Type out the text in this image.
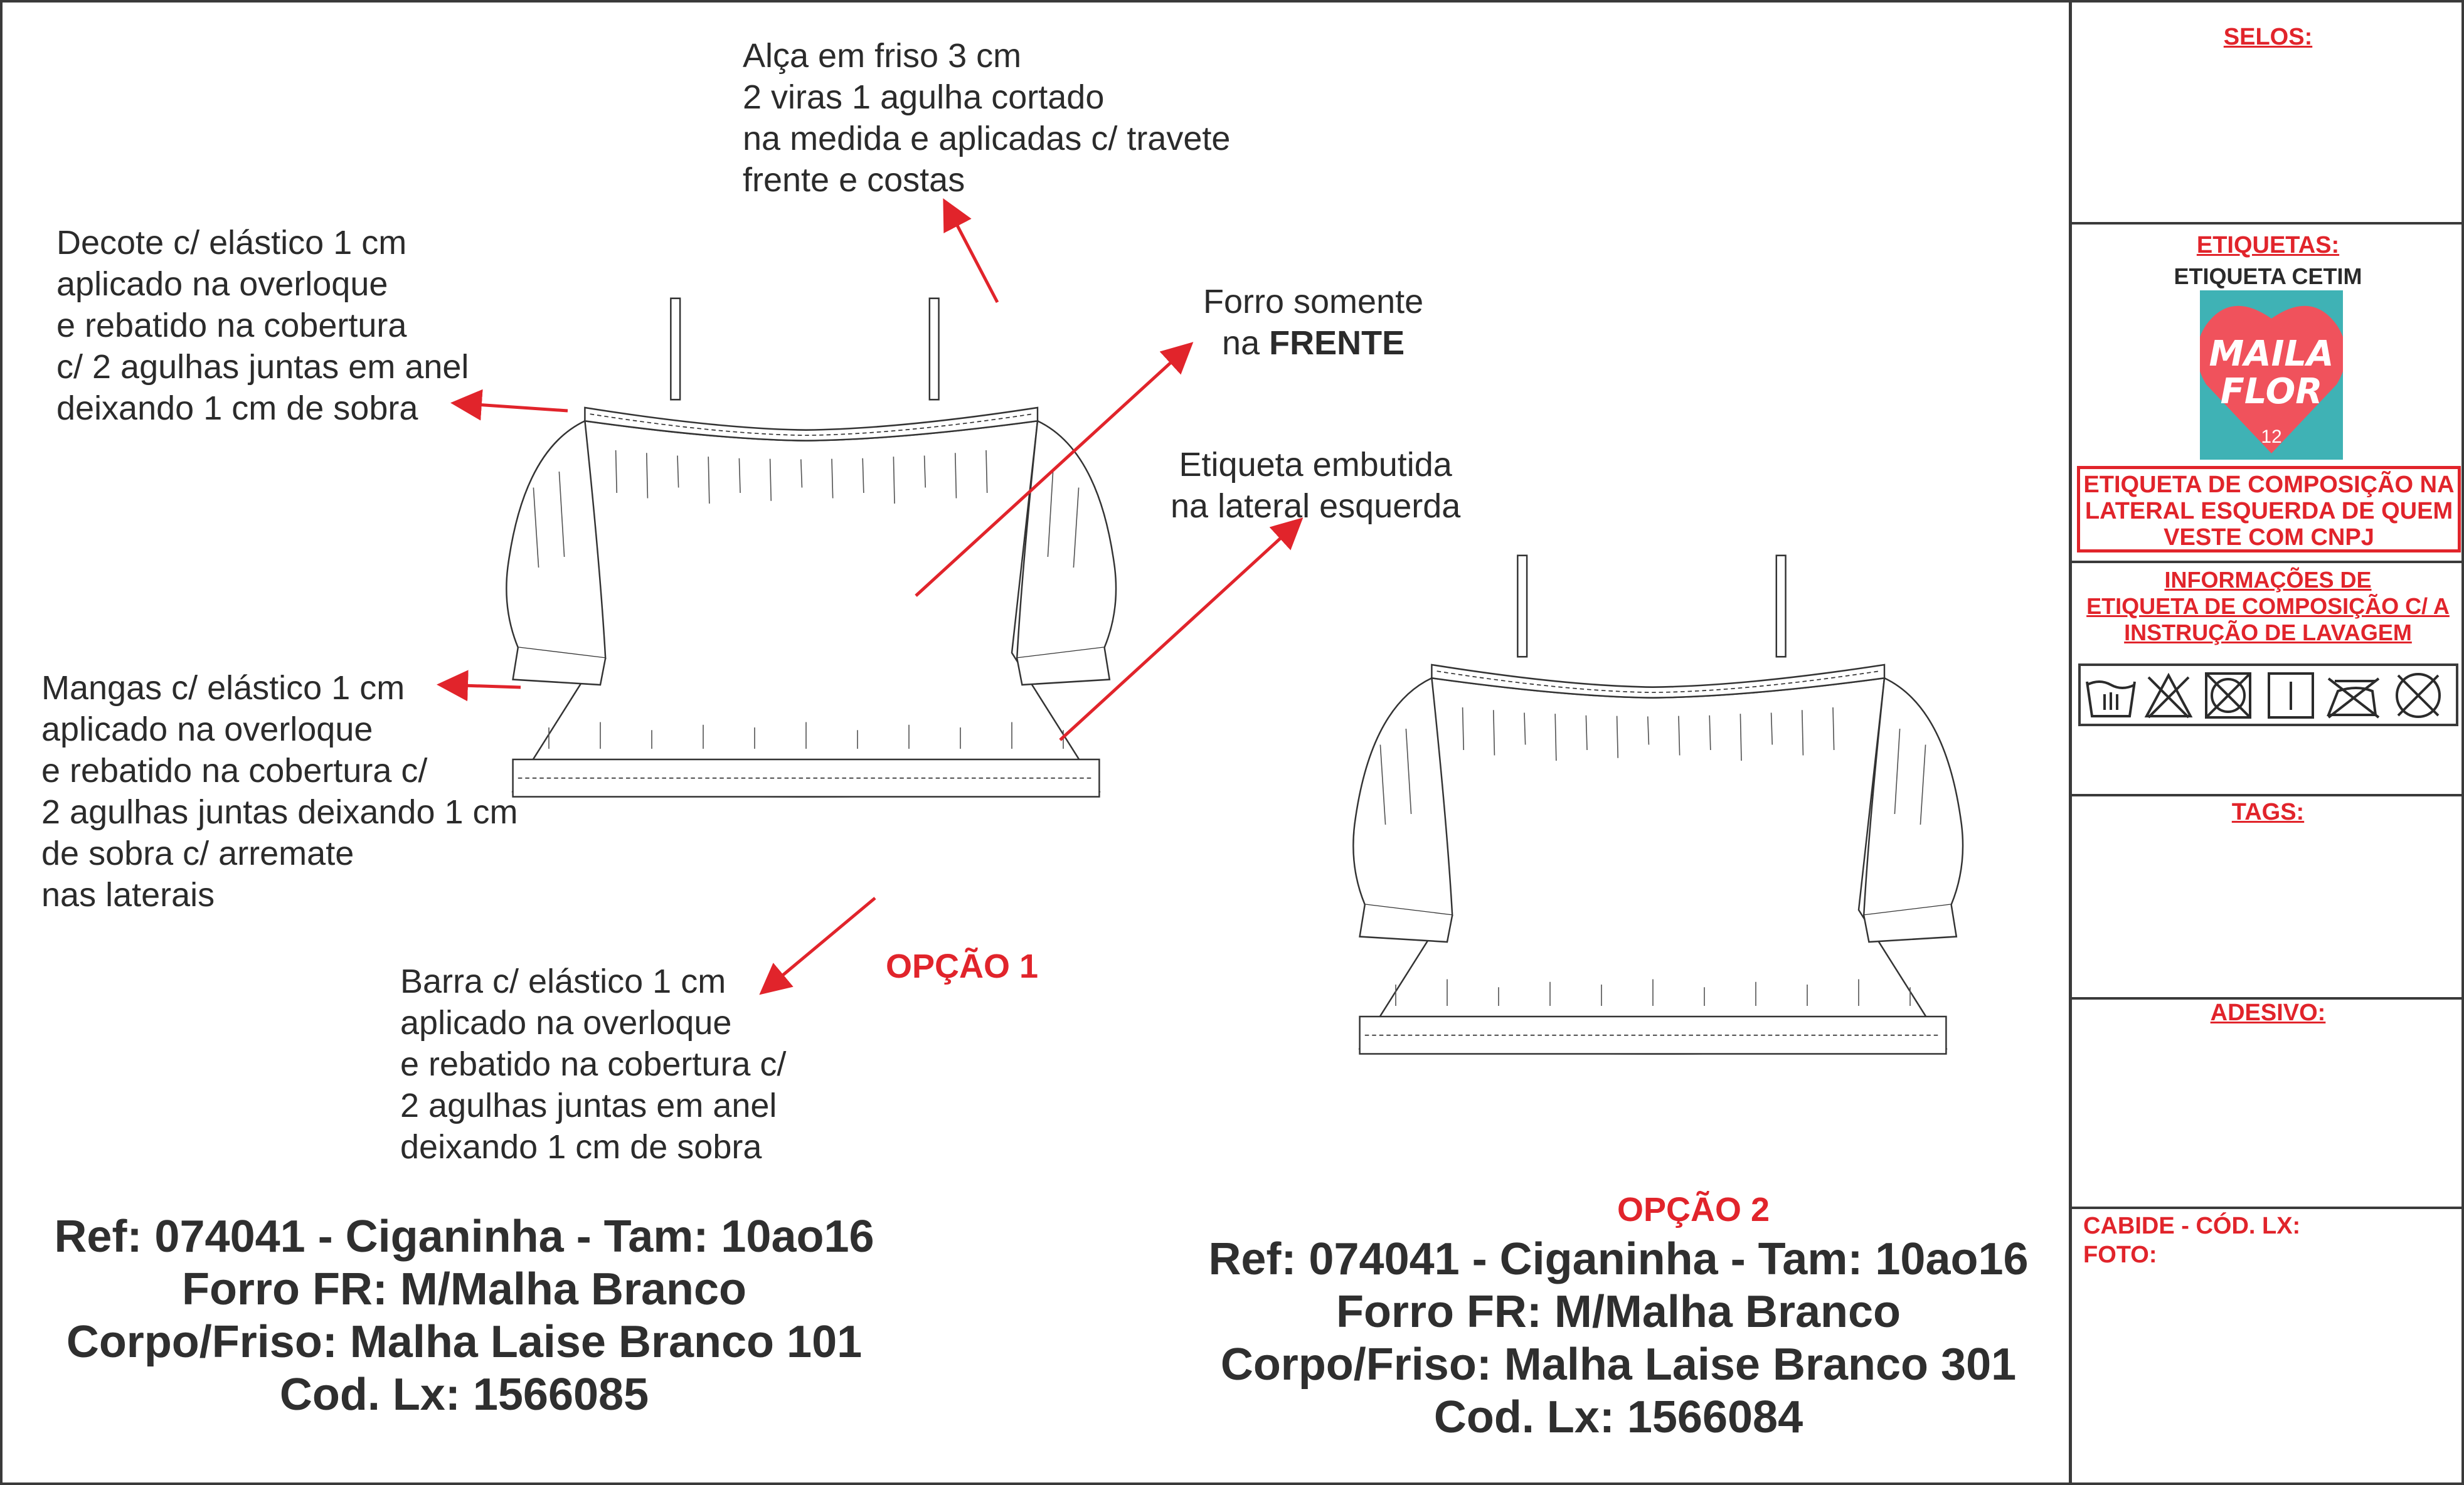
Alça em friso 3 cm
2 viras 1 agulha cortado
na medida e aplicadas c/ travete
frente e costas
Decote c/ elástico 1 cm
aplicado na overloque
e rebatido na cobertura
c/ 2 agulhas juntas em anel
deixando 1 cm de sobra
Forro somente
na FRENTE
Etiqueta embutida
na lateral esquerda
Mangas c/ elástico 1 cm
aplicado na overloque
e rebatido na cobertura c/
2 agulhas juntas deixando 1 cm
de sobra c/ arremate
nas laterais
Barra c/ elástico 1 cm
aplicado na overloque
e rebatido na cobertura c/
2 agulhas juntas em anel
deixando 1 cm de sobra
OPÇÃO 1
OPÇÃO 2
Ref: 074041 - Ciganinha - Tam: 10ao16
Forro FR: M/Malha Branco
Corpo/Friso: Malha Laise Branco 101
Cod. Lx: 1566085
Ref: 074041 - Ciganinha - Tam: 10ao16
Forro FR: M/Malha Branco
Corpo/Friso: Malha Laise Branco 301
Cod. Lx: 1566084
SELOS:
ETIQUETAS:
ETIQUETA CETIM
MAILA
FLOR
12
ETIQUETA DE COMPOSIÇÃO NA LATERAL ESQUERDA DE QUEM VESTE COM CNPJ
INFORMAÇÕES DE
ETIQUETA DE COMPOSIÇÃO C/ A
INSTRUÇÃO DE LAVAGEM
TAGS:
ADESIVO:
CABIDE - CÓD. LX:
FOTO:
